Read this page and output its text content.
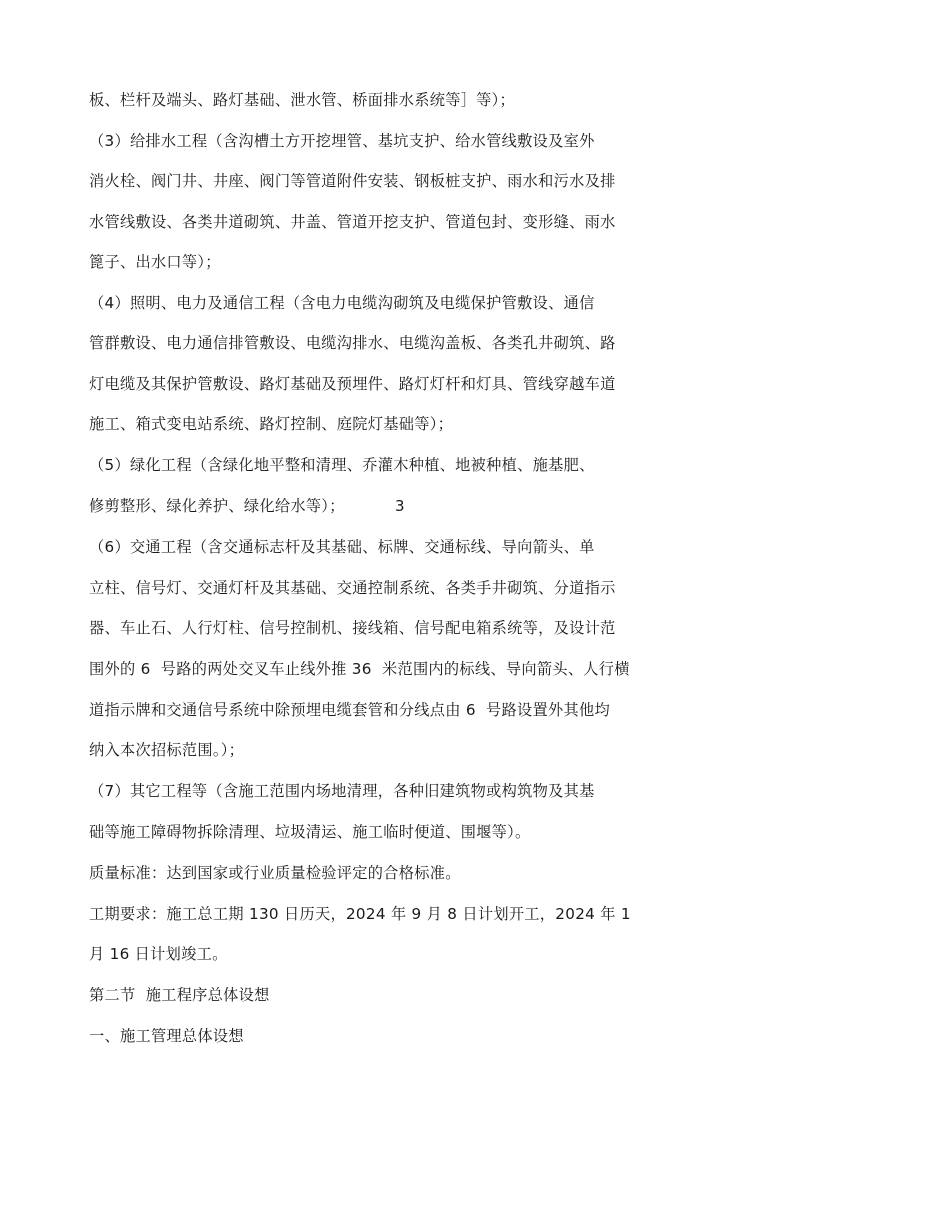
板、栏杆及端头、路灯基础、泄水管、桥面排水系统等］等）；
（3）给排水工程（含沟槽土方开挖埋管、基坑支护、给水管线敷设及室外
消火栓、阀门井、井座、阀门等管道附件安装、钢板桩支护、雨水和污水及排
水管线敷设、各类井道砌筑、井盖、管道开挖支护、管道包封、变形缝、雨水
篦子、出水口等）；
（4）照明、电力及通信工程（含电力电缆沟砌筑及电缆保护管敷设、通信
管群敷设、电力通信排管敷设、电缆沟排水、电缆沟盖板、各类孔井砌筑、路
灯电缆及其保护管敷设、路灯基础及预埋件、路灯灯杆和灯具、管线穿越车道
施工、箱式变电站系统、路灯控制、庭院灯基础等）；
（5）绿化工程（含绿化地平整和清理、乔灌木种植、地被种植、施基肥、
修剪整形、绿化养护、绿化给水等）；	3
（6）交通工程（含交通标志杆及其基础、标牌、交通标线、导向箭头、单
立柱、信号灯、交通灯杆及其基础、交通控制系统、各类手井砌筑、分道指示
器、车止石、人行灯柱、信号控制机、接线箱、信号配电箱系统等，及设计范
围外的 6  号路的两处交叉车止线外推 36  米范围内的标线、导向箭头、人行横
道指示牌和交通信号系统中除预埋电缆套管和分线点由 6  号路设置外其他均
纳入本次招标范围。）；
（7）其它工程等（含施工范围内场地清理，各种旧建筑物或构筑物及其基
础等施工障碍物拆除清理、垃圾清运、施工临时便道、围堰等）。
质量标准：达到国家或行业质量检验评定的合格标准。
工期要求：施工总工期 130 日历天，2024 年 9 月 8 日计划开工，2024 年 1
月 16 日计划竣工。
第二节  施工程序总体设想
一、施工管理总体设想
